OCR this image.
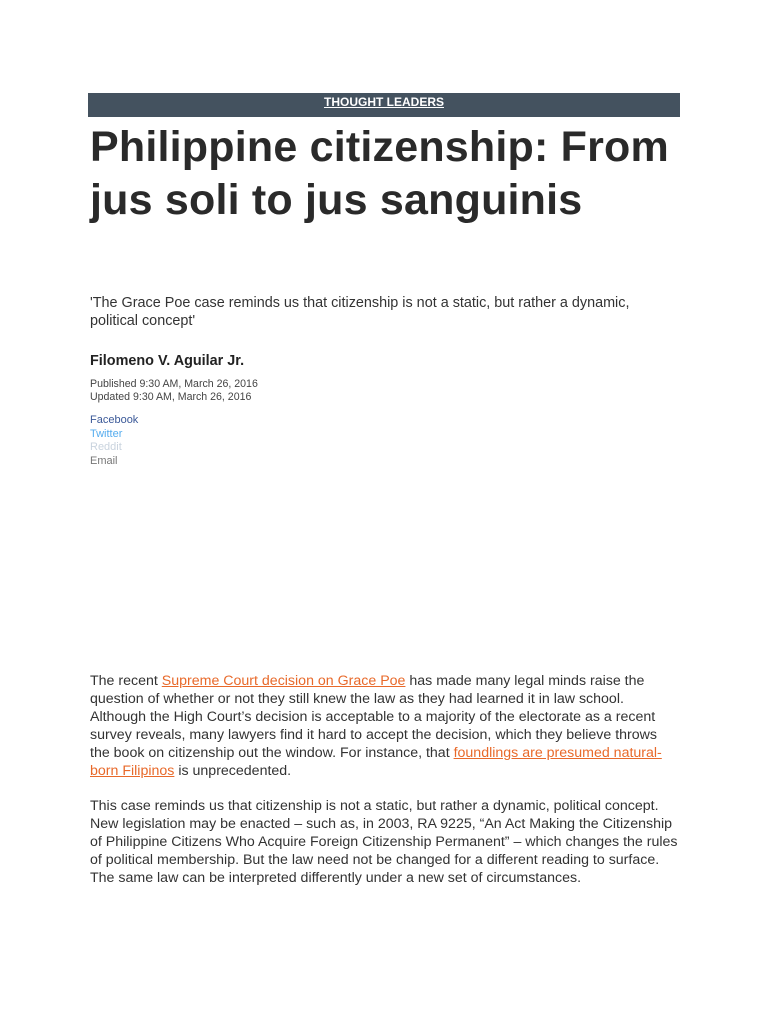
THOUGHT LEADERS
Philippine citizenship: From jus soli to jus sanguinis

'The Grace Poe case reminds us that citizenship is not a static, but rather a dynamic, political concept'

Filomeno V. Aguilar Jr.

Published 9:30 AM, March 26, 2016
Updated 9:30 AM, March 26, 2016
Facebook
Twitter
Reddit
Email

The recent Supreme Court decision on Grace Poe has made many legal minds raise the question of whether or not they still knew the law as they had learned it in law school. Although the High Court’s decision is acceptable to a majority of the electorate as a recent survey reveals, many lawyers find it hard to accept the decision, which they believe throws the book on citizenship out the window. For instance, that foundlings are presumed natural-born Filipinos is unprecedented.

This case reminds us that citizenship is not a static, but rather a dynamic, political concept. New legislation may be enacted – such as, in 2003, RA 9225, “An Act Making the Citizenship of Philippine Citizens Who Acquire Foreign Citizenship Permanent” – which changes the rules of political membership. But the law need not be changed for a different reading to surface. The same law can be interpreted differently under a new set of circumstances.
